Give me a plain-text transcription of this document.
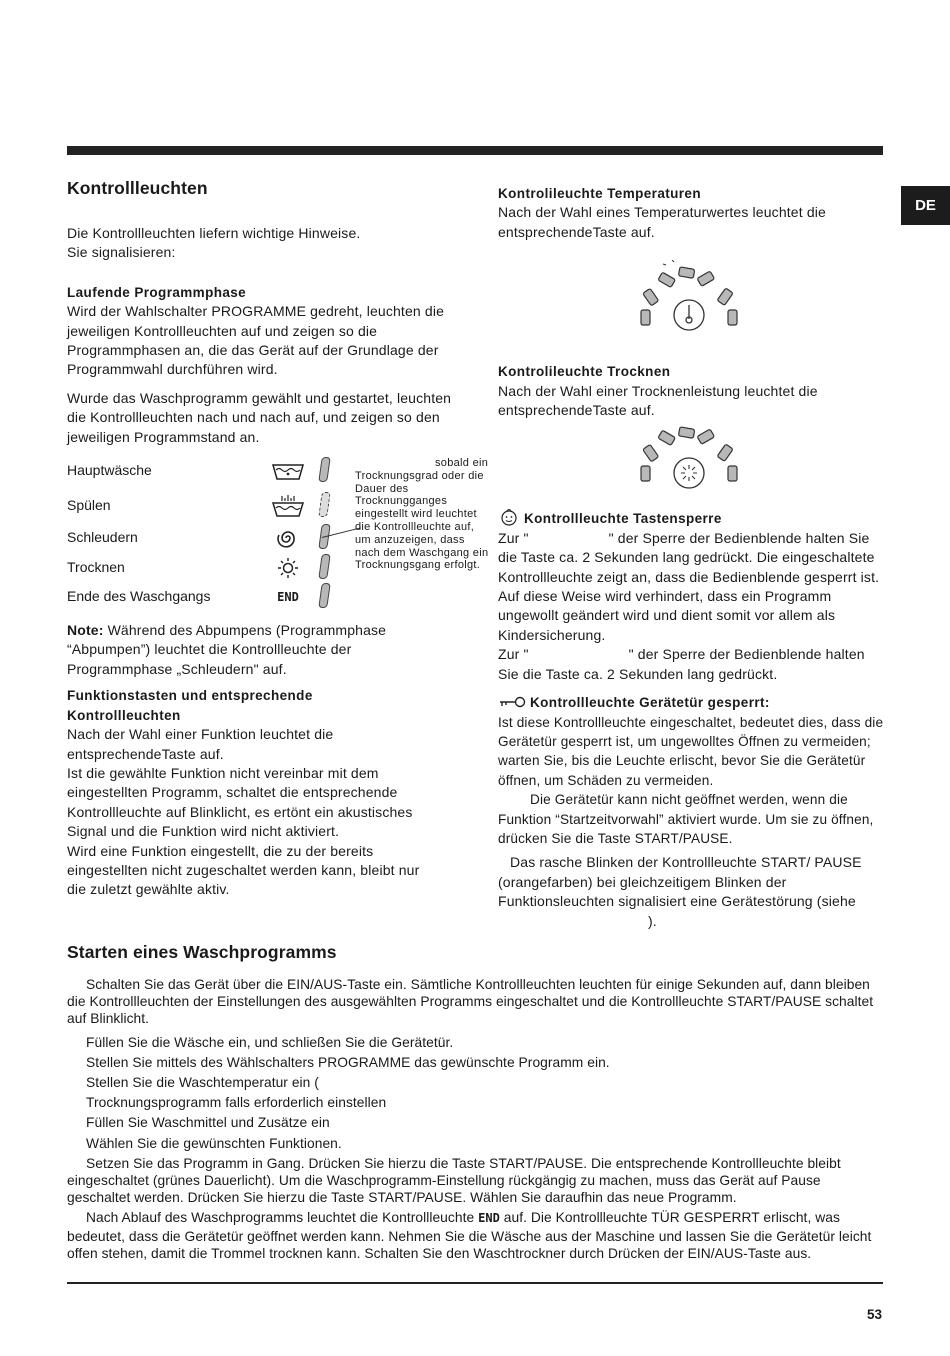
DE
Kontrollleuchten
Die Kontrollleuchten liefern wichtige Hinweise.
Sie signalisieren:
Laufende Programmphase
Wird der Wahlschalter PROGRAMME gedreht, leuchten die jeweiligen Kontrollleuchten auf und zeigen so die Programmphasen an, die das Gerät auf der Grundlage der Programmwahl durchführen wird.
Wurde das Waschprogramm gewählt und gestartet, leuchten die Kontrollleuchten nach und nach auf, und zeigen so den jeweiligen Programmstand an.
Hauptwäsche
Spülen
Schleudern
Trocknen
Ende des Waschgangs	END
sobald ein Trocknungsgrad oder die Dauer des Trocknungganges eingestellt wird leuchtet die Kontrollleuchte auf, um anzuzeigen, dass nach dem Waschgang ein Trocknungsgang erfolgt.
Note: Während des Abpumpens (Programmphase “Abpumpen”) leuchtet die Kontrollleuchte der Programmphase „Schleudern" auf.
Funktionstasten und entsprechende Kontrollleuchten
Nach der Wahl einer Funktion leuchtet die entsprechendeTaste auf.
Ist die gewählte Funktion nicht vereinbar mit dem eingestellten Programm, schaltet die entsprechende Kontrollleuchte auf Blinklicht, es ertönt ein akustisches Signal und die Funktion wird nicht aktiviert.
Wird eine Funktion eingestellt, die zu der bereits eingestellten nicht zugeschaltet werden kann, bleibt nur die zuletzt gewählte aktiv.
Kontrolileuchte Temperaturen
Nach der Wahl eines Temperaturwertes leuchtet die entsprechendeTaste auf.
Kontrolileuchte Trocknen
Nach der Wahl einer Trocknenleistung leuchtet die entsprechendeTaste auf.
Kontrollleuchte Tastensperre
Zur "	" der Sperre der Bedienblende halten Sie die Taste ca. 2 Sekunden lang gedrückt. Die eingeschaltete Kontrollleuchte zeigt an, dass die Bedienblende gesperrt ist. Auf diese Weise wird verhindert, dass ein Programm ungewollt geändert wird und dient somit vor allem als Kindersicherung.
Zur "	" der Sperre der Bedienblende halten Sie die Taste ca. 2 Sekunden lang gedrückt.
Kontrollleuchte Gerätetür gesperrt:
Ist diese Kontrollleuchte eingeschaltet, bedeutet dies, dass die Gerätetür gesperrt ist, um ungewolltes Öffnen zu vermeiden; warten Sie, bis die Leuchte erlischt, bevor Sie die Gerätetür öffnen, um Schäden zu vermeiden.
Die Gerätetür kann nicht geöffnet werden, wenn die Funktion “Startzeitvorwahl” aktiviert wurde. Um sie zu öffnen, drücken Sie die Taste START/PAUSE.
Das rasche Blinken der Kontrollleuchte START/ PAUSE (orangefarben) bei gleichzeitigem Blinken der Funktionsleuchten signalisiert eine Gerätestörung (siehe).
Starten eines Waschprogramms
Schalten Sie das Gerät über die EIN/AUS-Taste ein. Sämtliche Kontrollleuchten leuchten für einige Sekunden auf, dann bleiben die Kontrollleuchten der Einstellungen des ausgewählten Programms eingeschaltet und die Kontrollleuchte START/PAUSE schaltet auf Blinklicht.
Füllen Sie die Wäsche ein, und schließen Sie die Gerätetür.
Stellen Sie mittels des Wählschalters PROGRAMME das gewünschte Programm ein.
Stellen Sie die Waschtemperatur ein (
Trocknungsprogramm falls erforderlich einstellen
Füllen Sie Waschmittel und Zusätze ein
Wählen Sie die gewünschten Funktionen.
Setzen Sie das Programm in Gang. Drücken Sie hierzu die Taste START/PAUSE. Die entsprechende Kontrollleuchte bleibt eingeschaltet (grünes Dauerlicht). Um die Waschprogramm-Einstellung rückgängig zu machen, muss das Gerät auf Pause geschaltet werden. Drücken Sie hierzu die Taste START/PAUSE. Wählen Sie daraufhin das neue Programm.
Nach Ablauf des Waschprogramms leuchtet die Kontrollleuchte END auf. Die Kontrollleuchte TÜR GESPERRT erlischt, was bedeutet, dass die Gerätetür geöffnet werden kann. Nehmen Sie die Wäsche aus der Maschine und lassen Sie die Gerätetür leicht offen stehen, damit die Trommel trocknen kann. Schalten Sie den Waschtrockner durch Drücken der EIN/AUS-Taste aus.
53
